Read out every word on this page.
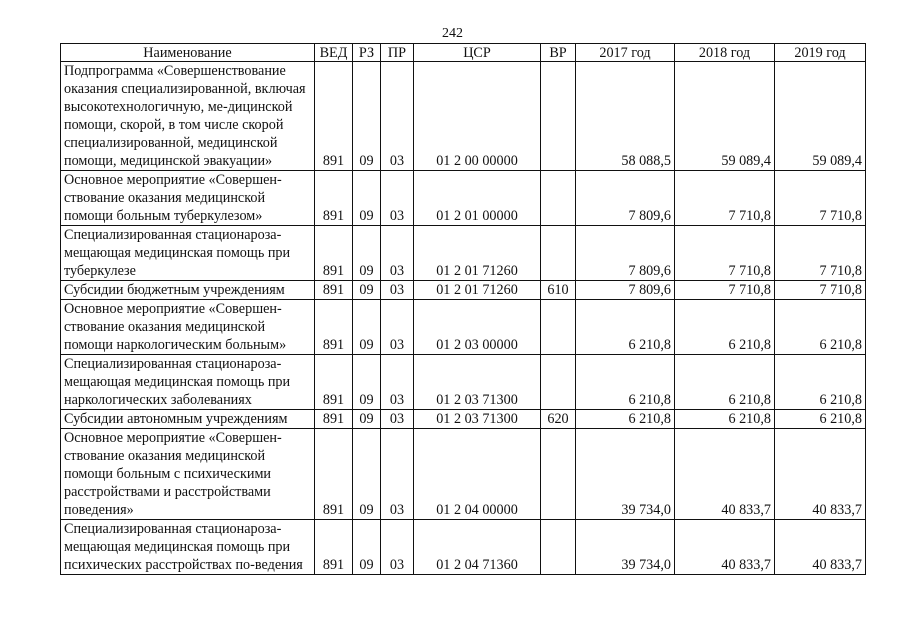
242
Наименование	ВЕД	РЗ	ПР	ЦСР	ВР	2017 год	2018 год	2019 год
Подпрограмма «Совершенствование оказания специализированной, включая высокотехнологичную, ме-дицинской помощи, скорой, в том числе скорой специализированной, медицинской помощи, медицинской эвакуации»	891	09	03	01 2 00 00000		58 088,5	59 089,4	59 089,4
Основное мероприятие «Совершен-ствование оказания медицинской помощи больным туберкулезом»	891	09	03	01 2 01 00000		7 809,6	7 710,8	7 710,8
Специализированная стационароза-мещающая медицинская помощь при туберкулезе	891	09	03	01 2 01 71260		7 809,6	7 710,8	7 710,8
Субсидии бюджетным учреждениям	891	09	03	01 2 01 71260	610	7 809,6	7 710,8	7 710,8
Основное мероприятие «Совершен-ствование оказания медицинской помощи наркологическим больным»	891	09	03	01 2 03 00000		6 210,8	6 210,8	6 210,8
Специализированная стационароза-мещающая медицинская помощь при наркологических заболеваниях	891	09	03	01 2 03 71300		6 210,8	6 210,8	6 210,8
Субсидии автономным учреждениям	891	09	03	01 2 03 71300	620	6 210,8	6 210,8	6 210,8
Основное мероприятие «Совершен-ствование оказания медицинской помощи больным с психическими расстройствами и расстройствами поведения»	891	09	03	01 2 04 00000		39 734,0	40 833,7	40 833,7
Специализированная стационароза-мещающая медицинская помощь при психических расстройствах по-ведения	891	09	03	01 2 04 71360		39 734,0	40 833,7	40 833,7
